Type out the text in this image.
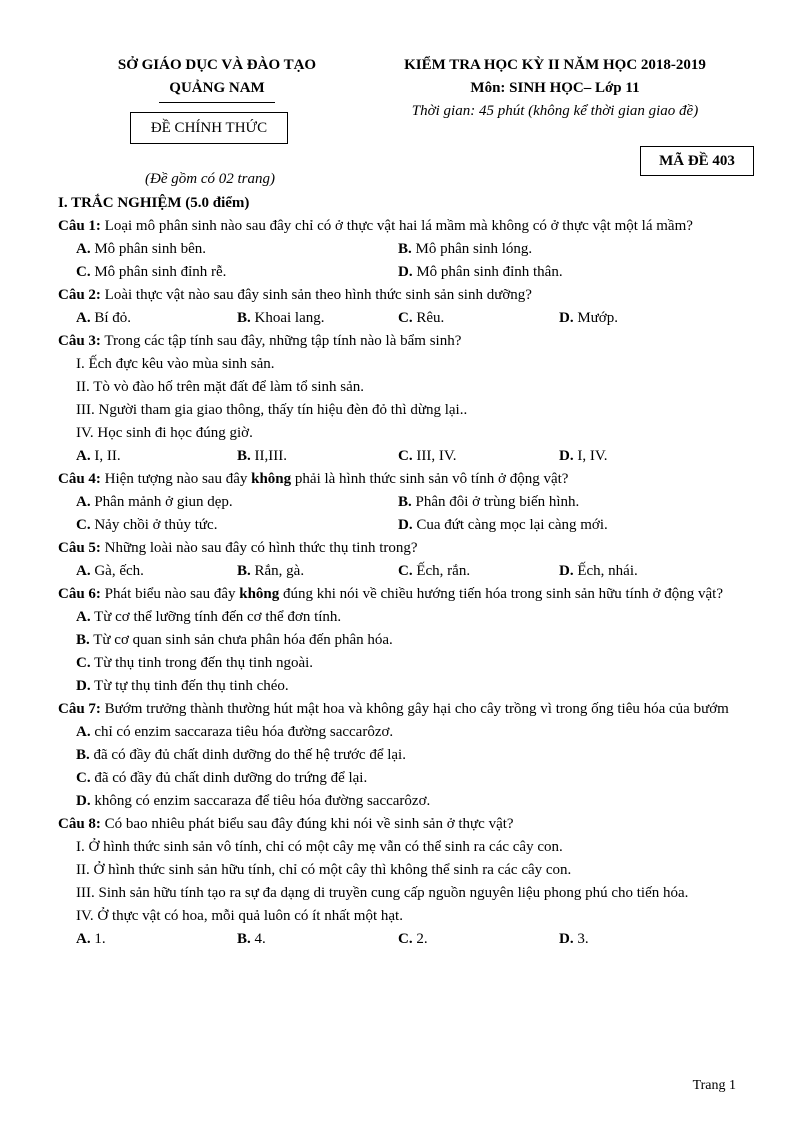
SỞ GIÁO DỤC VÀ ĐÀO TẠO
QUẢNG NAM
ĐỀ CHÍNH THỨC
(Đề gồm có 02 trang)
KIỂM TRA HỌC KỲ II NĂM HỌC 2018-2019
Môn: SINH HỌC– Lớp 11
Thời gian: 45 phút (không kể thời gian giao đề)
MÃ ĐỀ 403
I. TRẮC NGHIỆM (5.0 điểm)
Câu 1: Loại mô phân sinh nào sau đây chỉ có ở thực vật hai lá mầm mà không có ở thực vật một lá mầm?
A. Mô phân sinh bên.	B. Mô phân sinh lóng.
C. Mô phân sinh đỉnh rễ.	D. Mô phân sinh đỉnh thân.
Câu 2: Loài thực vật nào sau đây sinh sản theo hình thức sinh sản sinh dưỡng?
A. Bí đỏ.	B. Khoai lang.	C. Rêu.	D. Mướp.
Câu 3: Trong các tập tính sau đây, những tập tính nào là bẩm sinh?
I. Ếch đực kêu vào mùa sinh sản.
II. Tò vò đào hố trên mặt đất để làm tổ sinh sản.
III. Người tham gia giao thông, thấy tín hiệu đèn đỏ thì dừng lại..
IV. Học sinh đi học đúng giờ.
A. I, II.	B. II,III.	C. III, IV.	D. I, IV.
Câu 4: Hiện tượng nào sau đây không phải là hình thức sinh sản vô tính ở động vật?
A. Phân mảnh ở giun dẹp.	B. Phân đôi ở trùng biến hình.
C. Nảy chồi ở thủy tức.	D. Cua đứt càng mọc lại càng mới.
Câu 5: Những loài nào sau đây có hình thức thụ tinh trong?
A. Gà, ếch.	B. Rắn, gà.	C. Ếch, rắn.	D. Ếch, nhái.
Câu 6: Phát biểu nào sau đây không đúng khi nói về chiều hướng tiến hóa trong sinh sản hữu tính ở động vật?
A. Từ cơ thể lưỡng tính đến cơ thể đơn tính.
B. Từ cơ quan sinh sản chưa phân hóa đến phân hóa.
C. Từ thụ tinh trong đến thụ tinh ngoài.
D. Từ tự thụ tinh đến thụ tinh chéo.
Câu 7: Bướm trưởng thành thường hút mật hoa và không gây hại cho cây trồng vì trong ống tiêu hóa của bướm
A. chỉ có enzim saccaraza tiêu hóa đường saccarôzơ.
B. đã có đầy đủ chất dinh dưỡng do thế hệ trước để lại.
C. đã có đầy đủ chất dinh dưỡng do trứng để lại.
D. không có enzim saccaraza để tiêu hóa đường saccarôzơ.
Câu 8: Có bao nhiêu phát biểu sau đây đúng khi nói về sinh sản ở thực vật?
I. Ở hình thức sinh sản vô tính, chỉ có một cây mẹ vẫn có thể sinh ra các cây con.
II. Ở hình thức sinh sản hữu tính, chỉ có một cây thì không thể sinh ra các cây con.
III. Sinh sản hữu tính tạo ra sự đa dạng di truyền cung cấp nguồn nguyên liệu phong phú cho tiến hóa.
IV. Ở thực vật có hoa, mỗi quả luôn có ít nhất một hạt.
A. 1.	B. 4.	C. 2.	D. 3.
Trang 1
